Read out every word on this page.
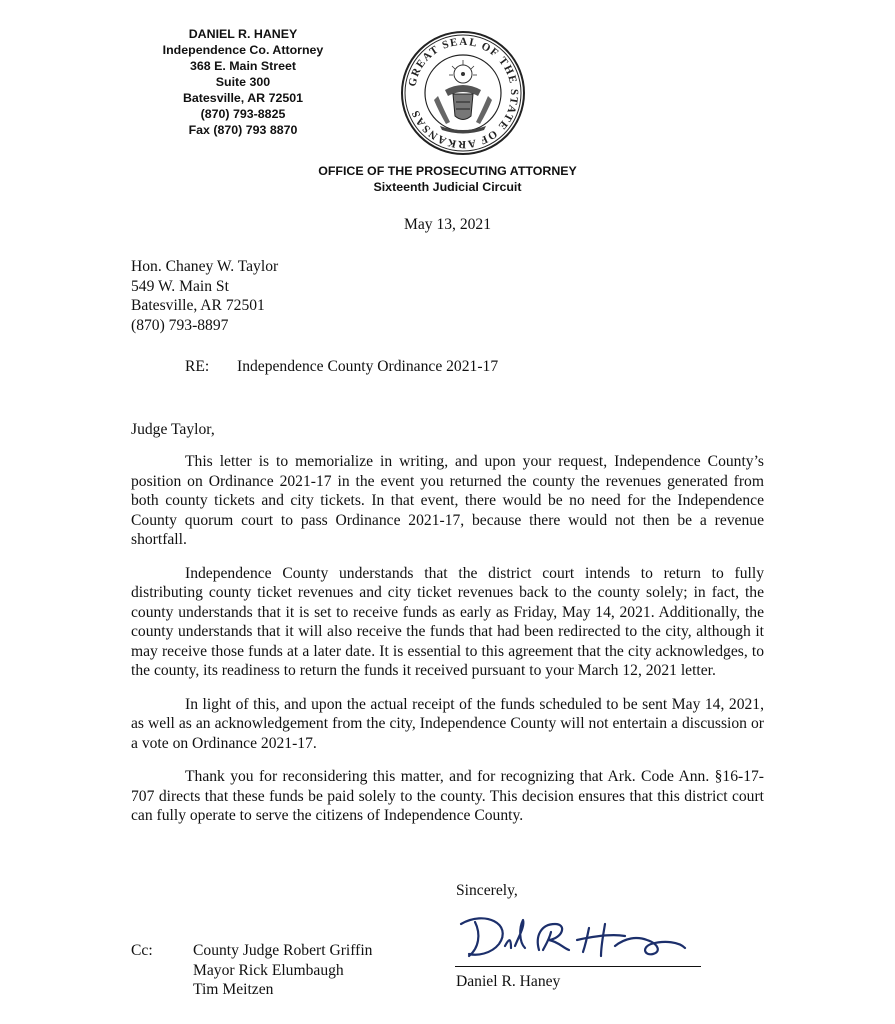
DANIEL R. HANEY
Independence Co. Attorney
368 E. Main Street
Suite 300
Batesville, AR 72501
(870) 793-8825
Fax (870) 793 8870
GREAT SEAL OF THE STATE OF ARKANSAS
OFFICE OF THE PROSECUTING ATTORNEY
Sixteenth Judicial Circuit
May 13, 2021
Hon. Chaney W. Taylor
549 W. Main St
Batesville, AR 72501
(870) 793-8897
RE: Independence County Ordinance 2021-17
Judge Taylor,

This letter is to memorialize in writing, and upon your request, Independence County’s position on Ordinance 2021-17 in the event you returned the county the revenues generated from both county tickets and city tickets. In that event, there would be no need for the Independence County quorum court to pass Ordinance 2021-17, because there would not then be a revenue shortfall.

Independence County understands that the district court intends to return to fully distributing county ticket revenues and city ticket revenues back to the county solely; in fact, the county understands that it is set to receive funds as early as Friday, May 14, 2021. Additionally, the county understands that it will also receive the funds that had been redirected to the city, although it may receive those funds at a later date. It is essential to this agreement that the city acknowledges, to the county, its readiness to return the funds it received pursuant to your March 12, 2021 letter.

In light of this, and upon the actual receipt of the funds scheduled to be sent May 14, 2021, as well as an acknowledgement from the city, Independence County will not entertain a discussion or a vote on Ordinance 2021-17.

Thank you for reconsidering this matter, and for recognizing that Ark. Code Ann. §16-17-707 directs that these funds be paid solely to the county. This decision ensures that this district court can fully operate to serve the citizens of Independence County.

Sincerely,
Daniel R. Haney
Cc:	County Judge Robert Griffin
Mayor Rick Elumbaugh
Tim Meitzen
